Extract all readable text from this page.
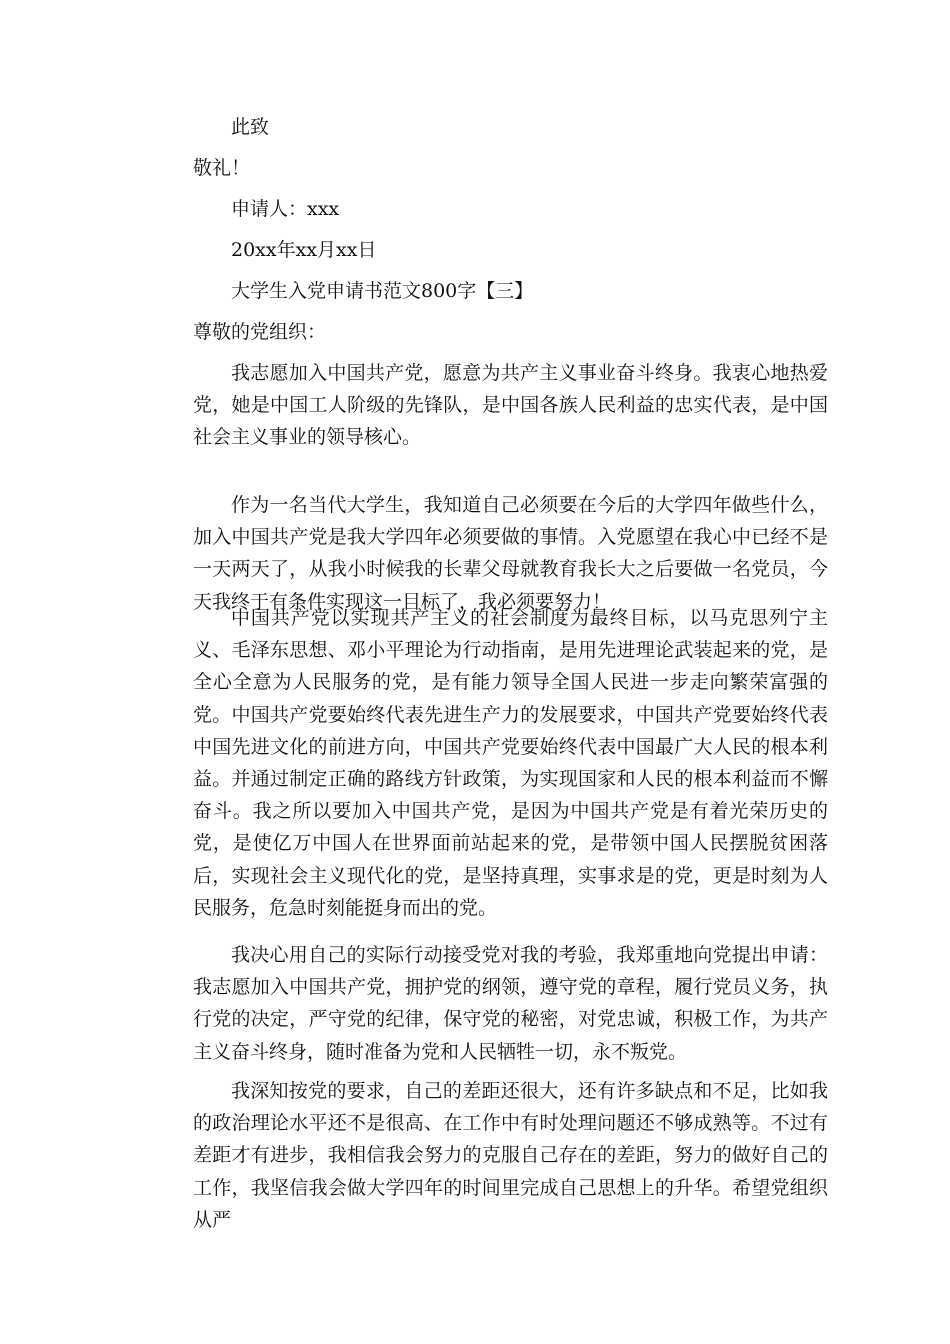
此致

敬礼！

申请人：xxx

20xx年xx月xx日

大学生入党申请书范文800字【三】

尊敬的党组织：

我志愿加入中国共产党，愿意为共产主义事业奋斗终身。我衷心地热爱党，她是中国工人阶级的先锋队，是中国各族人民利益的忠实代表，是中国社会主义事业的领导核心。

作为一名当代大学生，我知道自己必须要在今后的大学四年做些什么，加入中国共产党是我大学四年必须要做的事情。入党愿望在我心中已经不是一天两天了，从我小时候我的长辈父母就教育我长大之后要做一名党员，今天我终于有条件实现这一目标了，我必须要努力！

中国共产党以实现共产主义的社会制度为最终目标，以马克思列宁主义、毛泽东思想、邓小平理论为行动指南，是用先进理论武装起来的党，是全心全意为人民服务的党，是有能力领导全国人民进一步走向繁荣富强的党。中国共产党要始终代表先进生产力的发展要求，中国共产党要始终代表中国先进文化的前进方向，中国共产党要始终代表中国最广大人民的根本利益。并通过制定正确的路线方针政策，为实现国家和人民的根本利益而不懈奋斗。我之所以要加入中国共产党，是因为中国共产党是有着光荣历史的党，是使亿万中国人在世界面前站起来的党，是带领中国人民摆脱贫困落后，实现社会主义现代化的党，是坚持真理，实事求是的党，更是时刻为人民服务，危急时刻能挺身而出的党。

我决心用自己的实际行动接受党对我的考验，我郑重地向党提出申请：我志愿加入中国共产党，拥护党的纲领，遵守党的章程，履行党员义务，执行党的决定，严守党的纪律，保守党的秘密，对党忠诚，积极工作，为共产主义奋斗终身，随时准备为党和人民牺牲一切，永不叛党。

我深知按党的要求，自己的差距还很大，还有许多缺点和不足，比如我的政治理论水平还不是很高、在工作中有时处理问题还不够成熟等。不过有差距才有进步，我相信我会努力的克服自己存在的差距，努力的做好自己的工作，我坚信我会做大学四年的时间里完成自己思想上的升华。希望党组织从严
